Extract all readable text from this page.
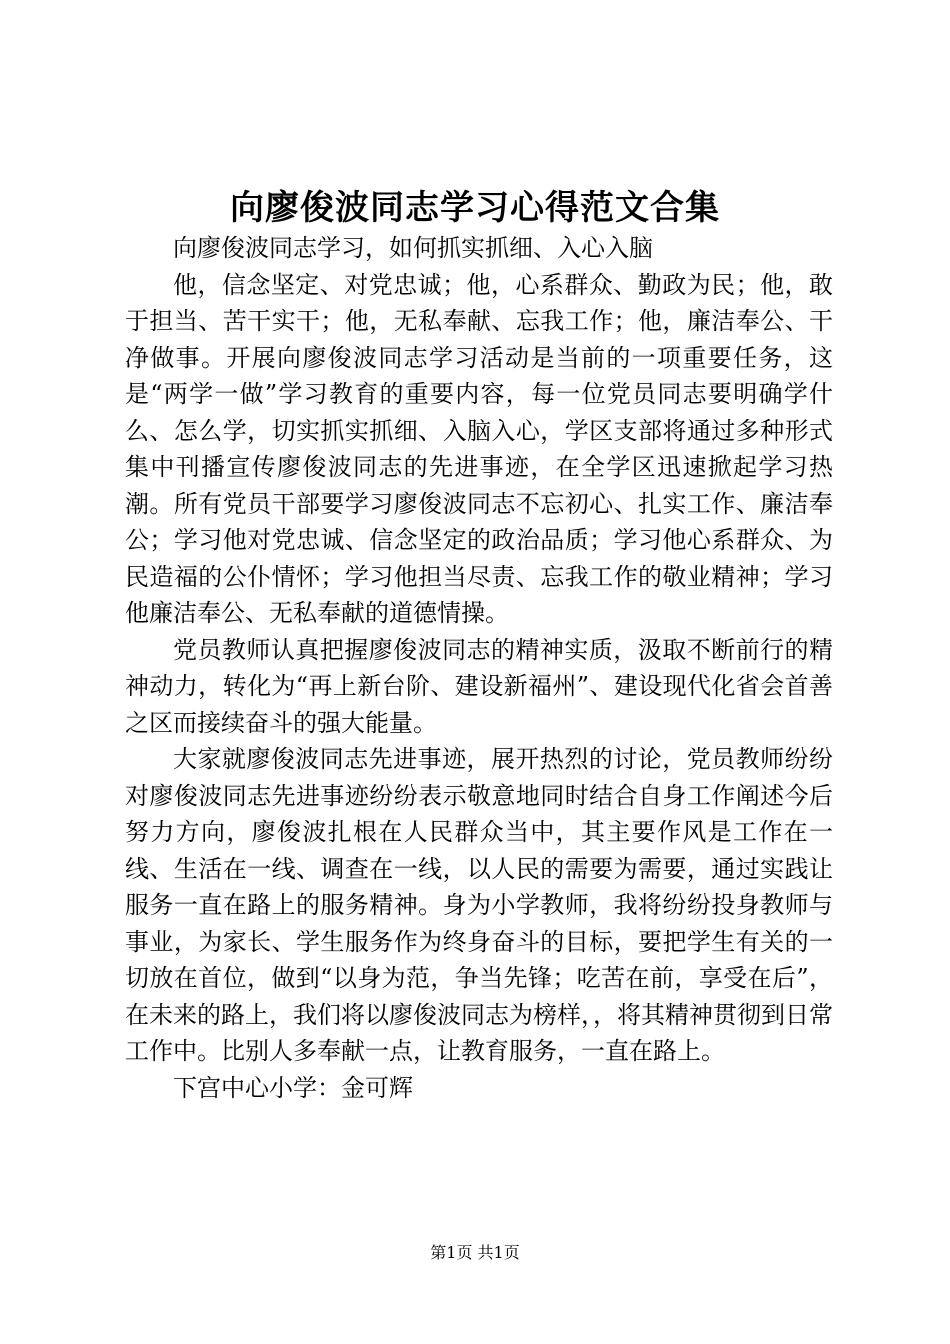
向廖俊波同志学习心得范文合集

向廖俊波同志学习，如何抓实抓细、入心入脑

他，信念坚定、对党忠诚；他，心系群众、勤政为民；他，敢于担当、苦干实干；他，无私奉献、忘我工作；他，廉洁奉公、干净做事。开展向廖俊波同志学习活动是当前的一项重要任务，这是“两学一做”学习教育的重要内容，每一位党员同志要明确学什么、怎么学，切实抓实抓细、入脑入心，学区支部将通过多种形式集中刊播宣传廖俊波同志的先进事迹，在全学区迅速掀起学习热潮。所有党员干部要学习廖俊波同志不忘初心、扎实工作、廉洁奉公；学习他对党忠诚、信念坚定的政治品质；学习他心系群众、为民造福的公仆情怀；学习他担当尽责、忘我工作的敬业精神；学习他廉洁奉公、无私奉献的道德情操。

党员教师认真把握廖俊波同志的精神实质，汲取不断前行的精神动力，转化为“再上新台阶、建设新福州”、建设现代化省会首善之区而接续奋斗的强大能量。

大家就廖俊波同志先进事迹，展开热烈的讨论，党员教师纷纷对廖俊波同志先进事迹纷纷表示敬意地同时结合自身工作阐述今后努力方向，廖俊波扎根在人民群众当中，其主要作风是工作在一线、生活在一线、调查在一线，以人民的需要为需要，通过实践让服务一直在路上的服务精神。身为小学教师，我将纷纷投身教师与事业，为家长、学生服务作为终身奋斗的目标，要把学生有关的一切放在首位，做到“以身为范，争当先锋；吃苦在前，享受在后”，在未来的路上，我们将以廖俊波同志为榜样，，将其精神贯彻到日常工作中。比别人多奉献一点，让教育服务，一直在路上。

下宫中心小学：金可辉

第1页 共1页
